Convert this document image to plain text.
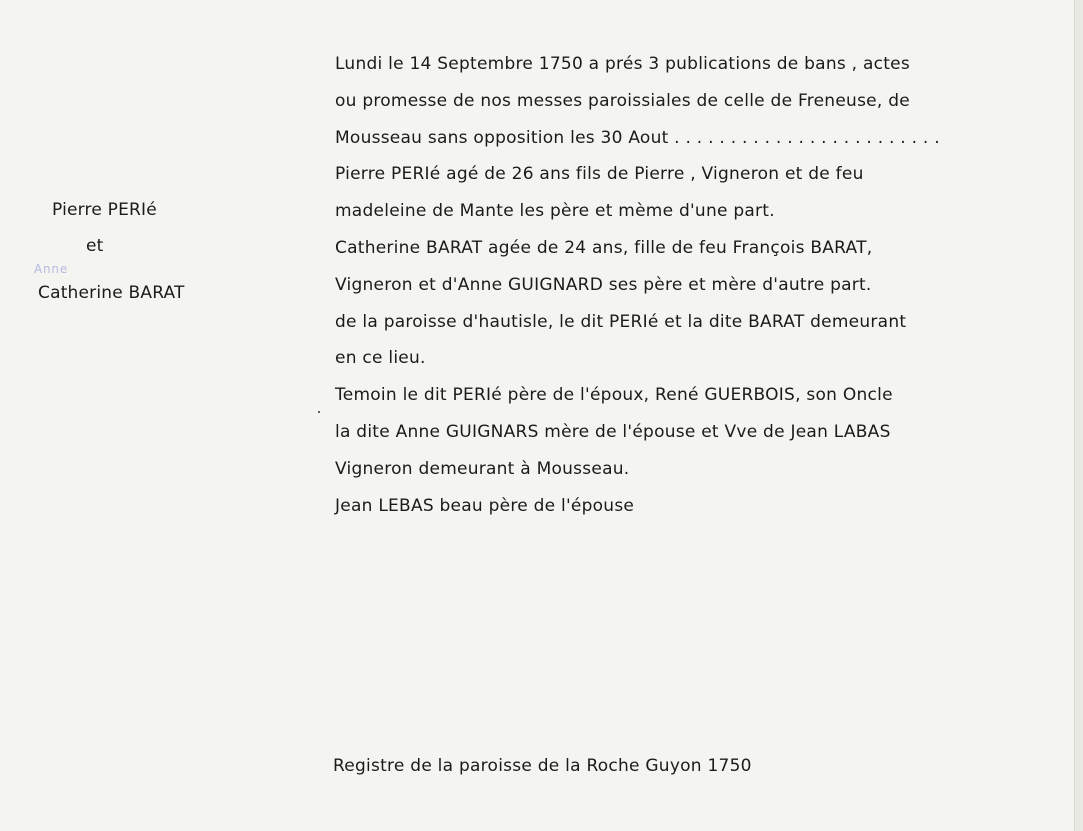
Pierre PERIé
et
Anne
Catherine BARAT
Lundi le 14 Septembre 1750 a prés 3 publications de bans , actes
ou promesse de nos messes paroissiales de celle de Freneuse, de
Mousseau sans opposition les 30 Aout . . . . . . . . . . . . . . . . . . . . . . . .
Pierre PERIé agé de 26 ans fils de Pierre , Vigneron et de feu
madeleine de Mante les père et mème d'une part.
Catherine BARAT agée de 24 ans, fille de feu François BARAT,
Vigneron et d'Anne GUIGNARD ses père et mère d'autre part.
de la paroisse d'hautisle, le dit PERIé et la dite BARAT demeurant
en ce lieu.
Temoin le dit PERIé père de l'époux, René GUERBOIS, son Oncle
la dite Anne GUIGNARS mère de l'épouse et Vve de Jean LABAS
Vigneron demeurant à Mousseau.
Jean LEBAS beau père de l'épouse
Registre de la paroisse de la Roche Guyon 1750
